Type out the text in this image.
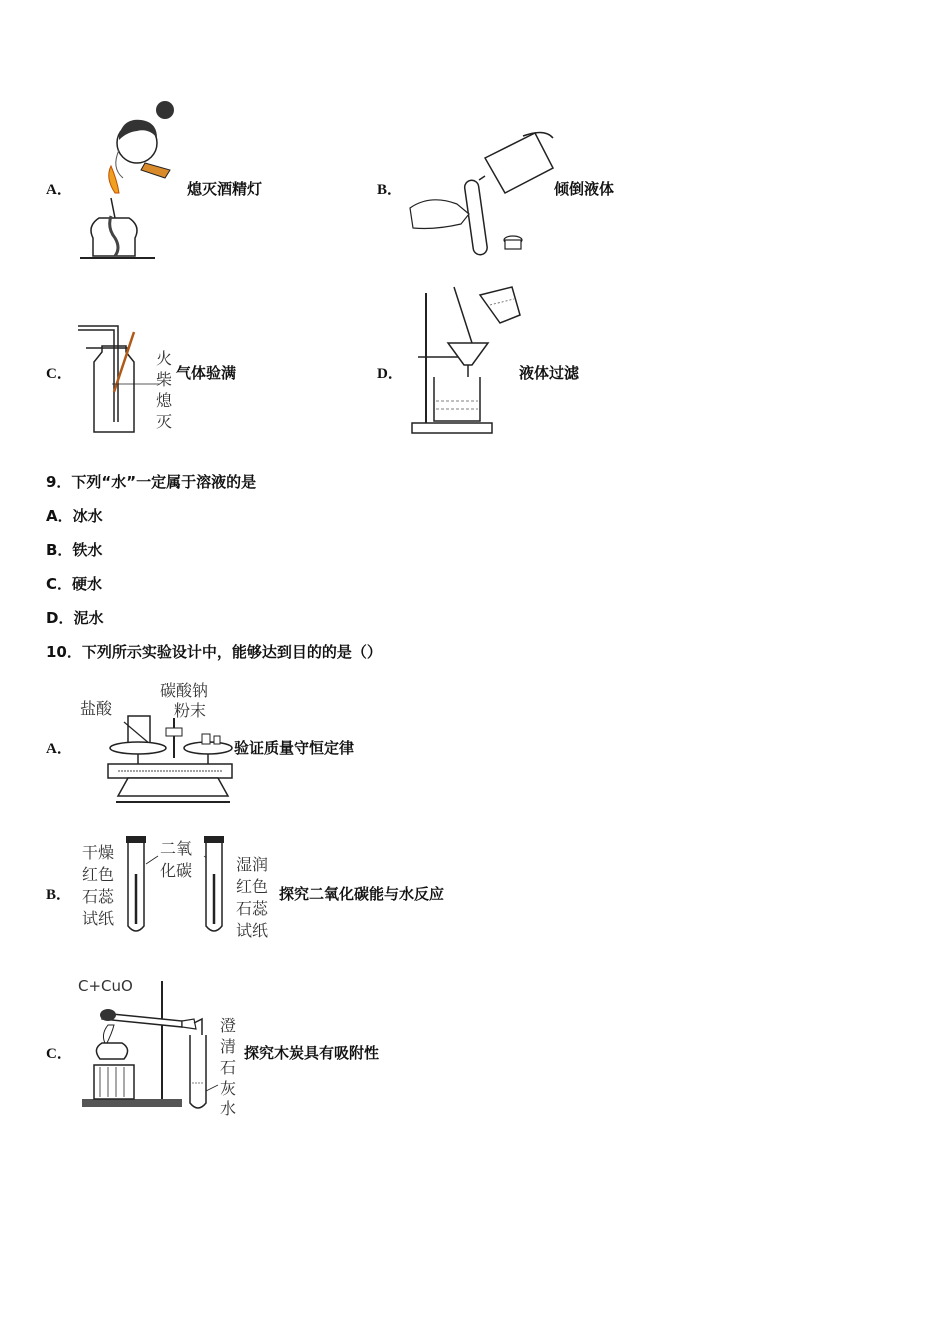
A．	熄灭酒精灯	B．	倾倒液体
C．
火
柴
熄
灭
气体验满	D．	液体过滤
9．下列“水”一定属于溶液的是
A．冰水
B．铁水
C．硬水
D．泥水
10．下列所示实验设计中，能够达到目的的是（）
A．
盐酸
碳酸钠
粉末
验证质量守恒定律
B．
干燥
红色
石蕊
试纸
二氧
化碳	湿润
红色
石蕊
试纸
探究二氧化碳能与水反应
C．
C+CuO
澄
清
石
灰
水
探究木炭具有吸附性
